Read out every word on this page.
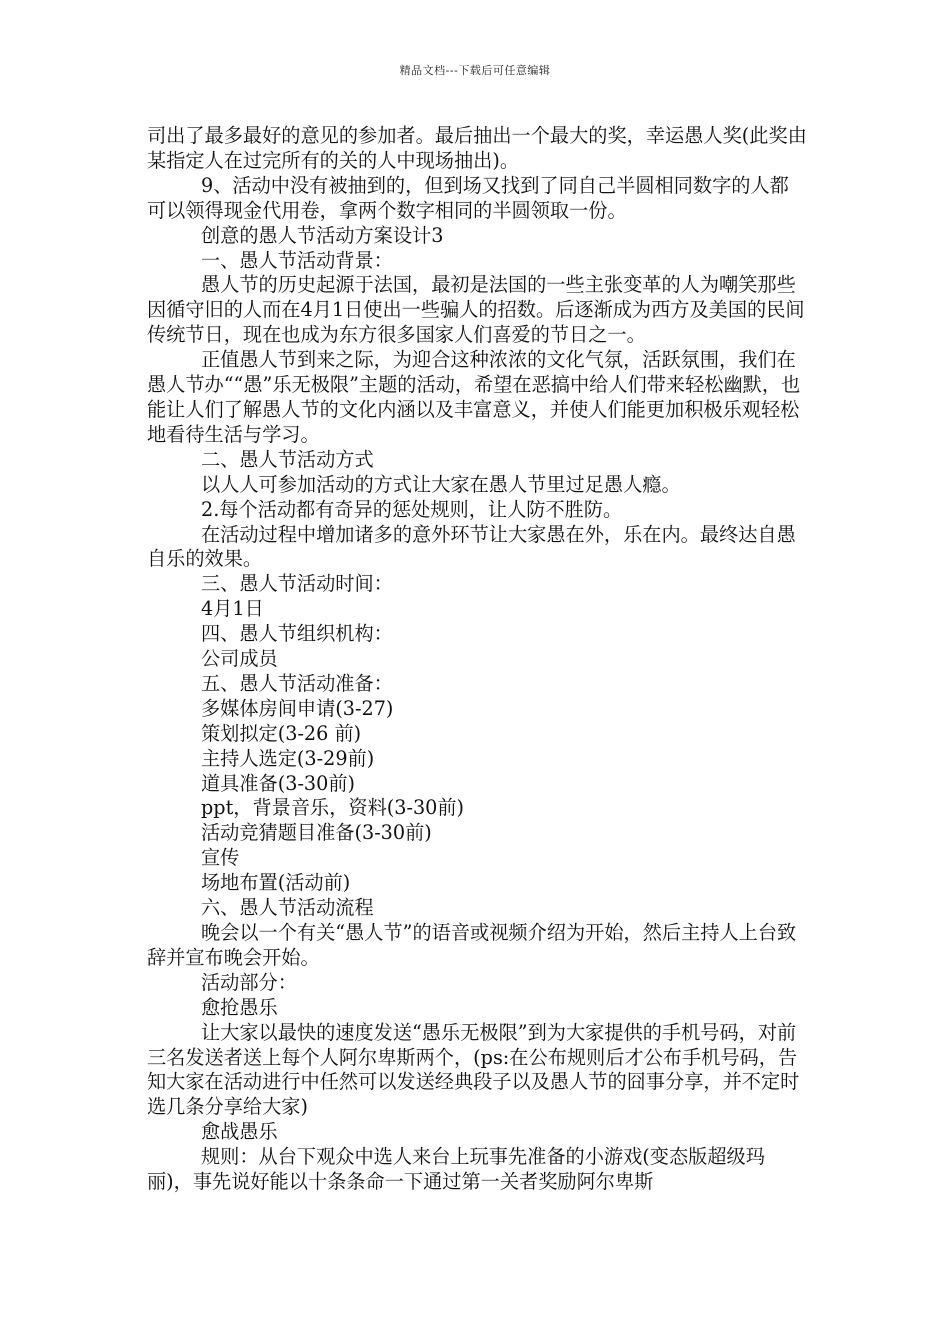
精品文档---下载后可任意编辑

司出了最多最好的意见的参加者。最后抽出一个最大的奖，幸运愚人奖(此奖由某指定人在过完所有的关的人中现场抽出)。

9、活动中没有被抽到的，但到场又找到了同自己半圆相同数字的人都可以领得现金代用卷，拿两个数字相同的半圆领取一份。

创意的愚人节活动方案设计3

一、愚人节活动背景：

愚人节的历史起源于法国，最初是法国的一些主张变革的人为嘲笑那些因循守旧的人而在4月1日使出一些骗人的招数。后逐渐成为西方及美国的民间传统节日，现在也成为东方很多国家人们喜爱的节日之一。

正值愚人节到来之际，为迎合这种浓浓的文化气氛，活跃氛围，我们在愚人节办““愚”乐无极限”主题的活动，希望在恶搞中给人们带来轻松幽默，也能让人们了解愚人节的文化内涵以及丰富意义，并使人们能更加积极乐观轻松地看待生活与学习。

二、愚人节活动方式

以人人可参加活动的方式让大家在愚人节里过足愚人瘾。

2.每个活动都有奇异的惩处规则，让人防不胜防。

在活动过程中增加诸多的意外环节让大家愚在外，乐在内。最终达自愚自乐的效果。

三、愚人节活动时间：

4月1日

四、愚人节组织机构：

公司成员

五、愚人节活动准备：

多媒体房间申请(3-27)

策划拟定(3-26 前)

主持人选定(3-29前)

道具准备(3-30前)

ppt，背景音乐，资料(3-30前)

活动竞猜题目准备(3-30前)

宣传

场地布置(活动前)

六、愚人节活动流程

晚会以一个有关“愚人节”的语音或视频介绍为开始，然后主持人上台致辞并宣布晚会开始。

活动部分：

愈抢愚乐

让大家以最快的速度发送“愚乐无极限”到为大家提供的手机号码，对前三名发送者送上每个人阿尔卑斯两个，(ps:在公布规则后才公布手机号码，告知大家在活动进行中任然可以发送经典段子以及愚人节的囧事分享，并不定时选几条分享给大家)

愈战愚乐

规则：从台下观众中选人来台上玩事先准备的小游戏(变态版超级玛丽)，事先说好能以十条条命一下通过第一关者奖励阿尔卑斯
